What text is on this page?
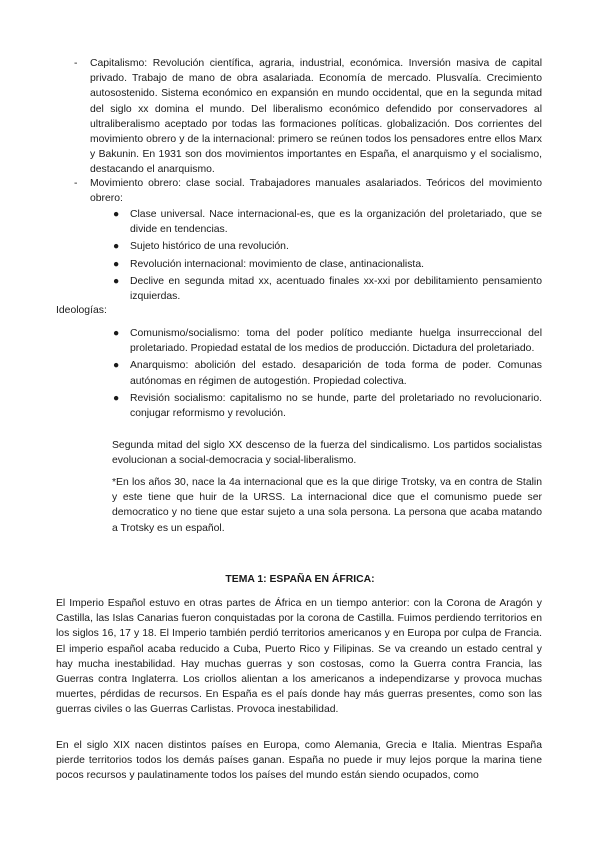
- Capitalismo: Revolución científica, agraria, industrial, económica. Inversión masiva de capital privado. Trabajo de mano de obra asalariada. Economía de mercado. Plusvalía. Crecimiento autosostenido. Sistema económico en expansión en mundo occidental, que en la segunda mitad del siglo xx domina el mundo. Del liberalismo económico defendido por conservadores al ultraliberalismo aceptado por todas las formaciones políticas. globalización. Dos corrientes del movimiento obrero y de la internacional: primero se reúnen todos los pensadores entre ellos Marx y Bakunin. En 1931 son dos movimientos importantes en España, el anarquismo y el socialismo, destacando el anarquismo.
- Movimiento obrero: clase social. Trabajadores manuales asalariados. Teóricos del movimiento obrero:
● Clase universal. Nace internacional-es, que es la organización del proletariado, que se divide en tendencias.
● Sujeto histórico de una revolución.
● Revolución internacional: movimiento de clase, antinacionalista.
● Declive en segunda mitad xx, acentuado finales xx-xxi por debilitamiento pensamiento izquierdas.
Ideologías:
● Comunismo/socialismo: toma del poder político mediante huelga insurreccional del proletariado. Propiedad estatal de los medios de producción. Dictadura del proletariado.
● Anarquismo: abolición del estado. desaparición de toda forma de poder. Comunas autónomas en régimen de autogestión. Propiedad colectiva.
● Revisión socialismo: capitalismo no se hunde, parte del proletariado no revolucionario. conjugar reformismo y revolución.
Segunda mitad del siglo XX descenso de la fuerza del sindicalismo. Los partidos socialistas evolucionan a social-democracia y social-liberalismo.
*En los años 30, nace la 4a internacional que es la que dirige Trotsky, va en contra de Stalin y este tiene que huir de la URSS. La internacional dice que el comunismo puede ser democratico y no tiene que estar sujeto a una sola persona. La persona que acaba matando a Trotsky es un español.
TEMA 1: ESPAÑA EN ÁFRICA:
El Imperio Español estuvo en otras partes de África en un tiempo anterior: con la Corona de Aragón y Castilla, las Islas Canarias fueron conquistadas por la corona de Castilla. Fuimos perdiendo territorios en los siglos 16, 17 y 18. El Imperio también perdió territorios americanos y en Europa por culpa de Francia. El imperio español acaba reducido a Cuba, Puerto Rico y Filipinas. Se va creando un estado central y hay mucha inestabilidad. Hay muchas guerras y son costosas, como la Guerra contra Francia, las Guerras contra Inglaterra. Los criollos alientan a los americanos a independizarse y provoca muchas muertes, pérdidas de recursos. En España es el país donde hay más guerras presentes, como son las guerras civiles o las Guerras Carlistas. Provoca inestabilidad.
En el siglo XIX nacen distintos países en Europa, como Alemania, Grecia e Italia. Mientras España pierde territorios todos los demás países ganan. España no puede ir muy lejos porque la marina tiene pocos recursos y paulatinamente todos los países del mundo están siendo ocupados, como
